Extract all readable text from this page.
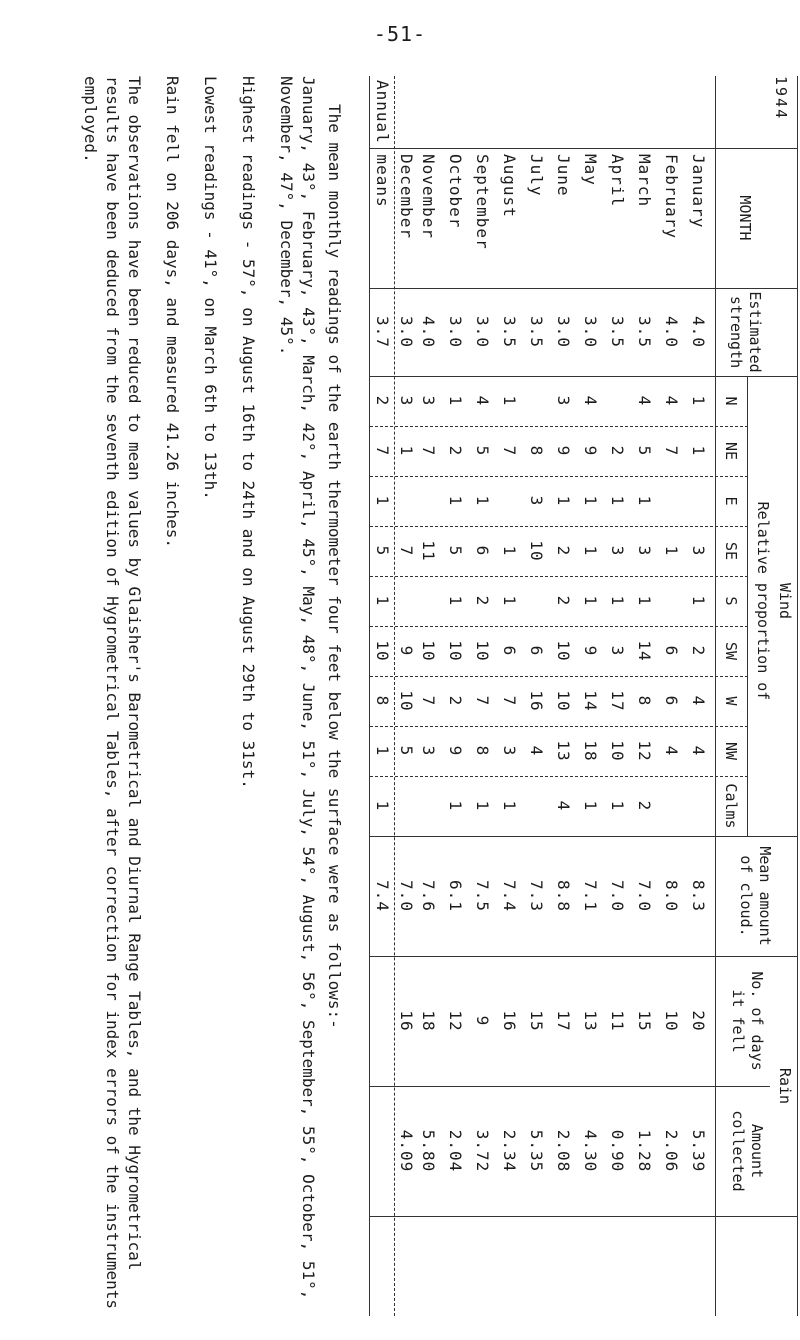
-51-
1944
MONTH
Estimated strength
Wind
Relative proportion of
Mean amount of cloud.
Rain
No. of days it fell
Amount collected
N
NE
E
SE
S
SW
W
NW
Calms
January
4.0
1
1
3
1
2
4
4
8.3
20
5.39
February
4.0
4
7
1
6
6
4
8.0
10
2.06
March
3.5
4
5
1
3
1
14
8
12
2
7.0
15
1.28
April
3.5
2
1
3
1
3
17
10
1
7.0
11
0.90
May
3.0
4
9
1
1
1
9
14
18
1
7.1
13
4.30
June
3.0
3
9
1
2
2
10
10
13
4
8.8
17
2.08
July
3.5
8
3
10
6
16
4
7.3
15
5.35
August
3.5
1
7
1
1
6
7
3
1
7.4
16
2.34
September
3.0
4
5
1
6
2
10
7
8
1
7.5
9
3.72
October
3.0
1
2
1
5
1
10
2
9
1
6.1
12
2.04
November
4.0
3
7
11
10
7
3
7.6
18
5.80
December
3.0
3
1
7
9
10
5
7.0
16
4.09
Annual means
3.7
2
7
1
5
1
10
8
1
1
7.4

The mean monthly readings of the earth thermometer four feet below the surface were as follows:-

January, 43°, February, 43°, March, 42°, April, 45°, May, 48°, June, 51°, July, 54°, August, 56°, September, 55°, October, 51°, November, 47°, December, 45°.

Highest readings - 57°, on August 16th to 24th and on August 29th to 31st.

Lowest readings - 41°, on March 6th to 13th.

Rain fell on 206 days, and measured 41.26 inches.

The observations have been reduced to mean values by Glaisher's Barometrical and Diurnal Range Tables, and the Hygrometrical results have been deduced from the seventh edition of Hygrometrical Tables, after correction for index errors of the instruments employed.
